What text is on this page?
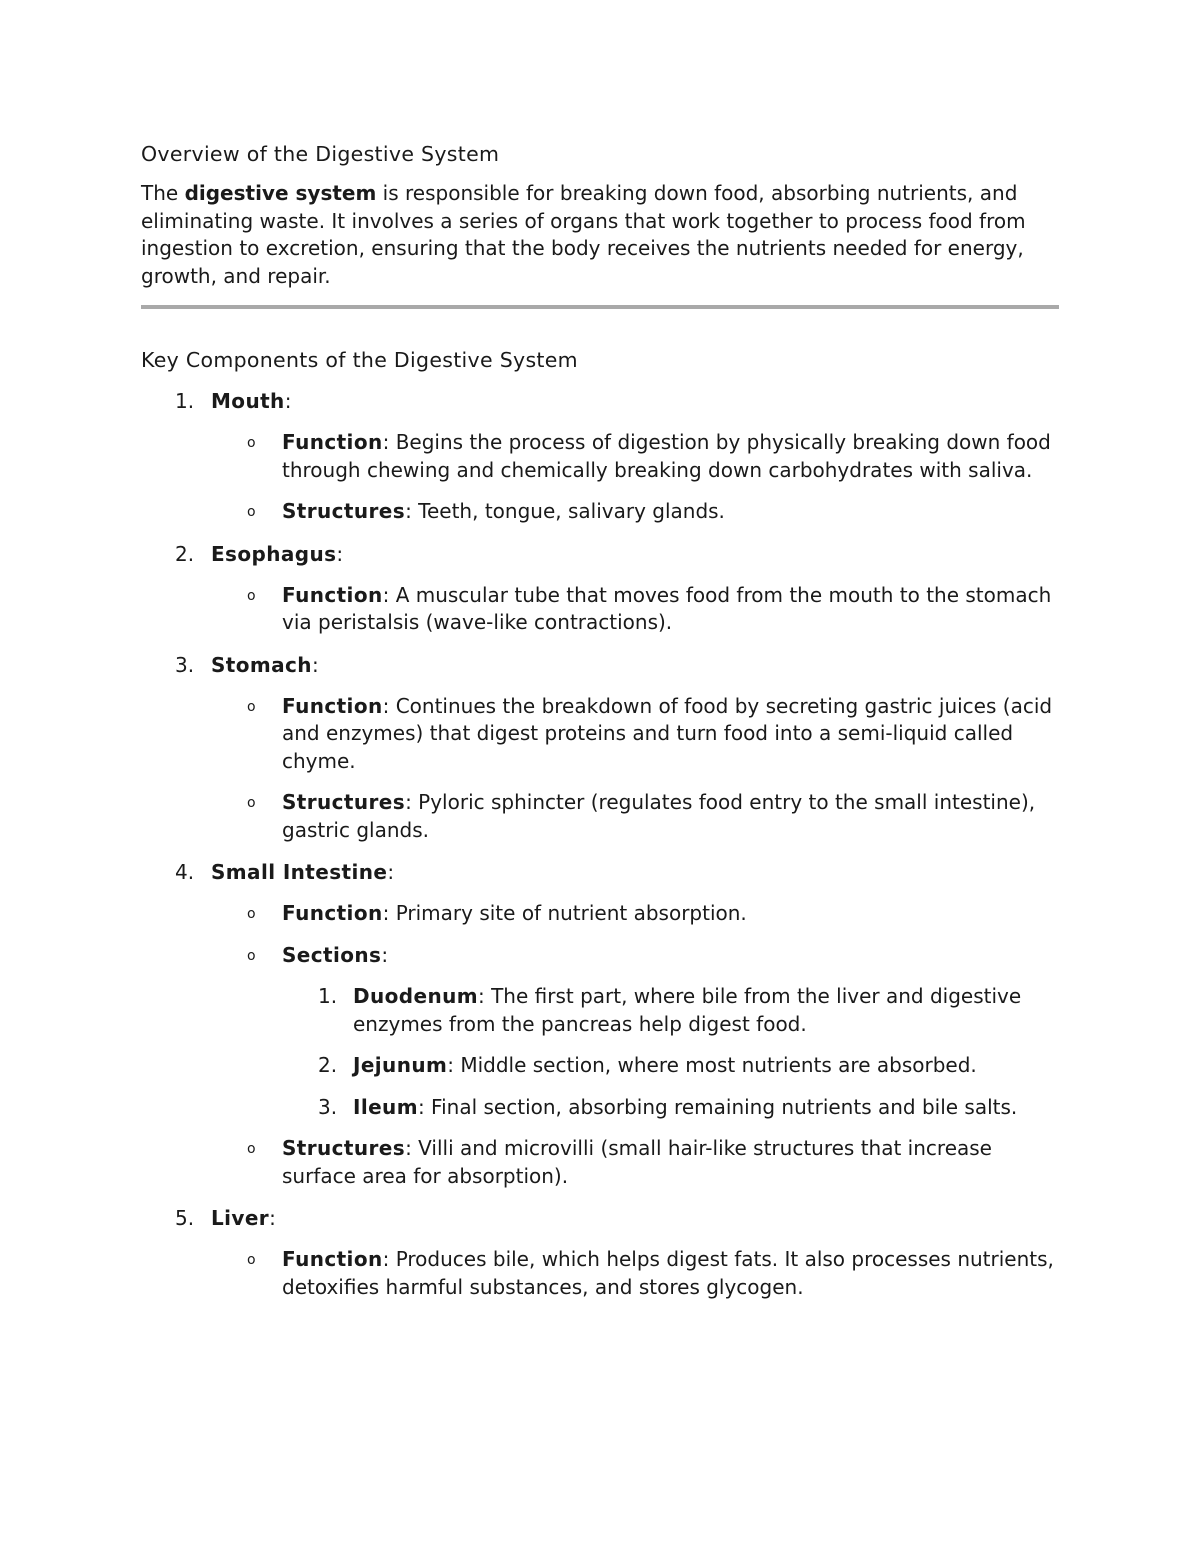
Overview of the Digestive System

The digestive system is responsible for breaking down food, absorbing nutrients, and eliminating waste. It involves a series of organs that work together to process food from ingestion to excretion, ensuring that the body receives the nutrients needed for energy, growth, and repair.

Key Components of the Digestive System
1. Mouth:
o Function: Begins the process of digestion by physically breaking down food through chewing and chemically breaking down carbohydrates with saliva.
o Structures: Teeth, tongue, salivary glands.
2. Esophagus:
o Function: A muscular tube that moves food from the mouth to the stomach via peristalsis (wave-like contractions).
3. Stomach:
o Function: Continues the breakdown of food by secreting gastric juices (acid and enzymes) that digest proteins and turn food into a semi-liquid called chyme.
o Structures: Pyloric sphincter (regulates food entry to the small intestine), gastric glands.
4. Small Intestine:
o Function: Primary site of nutrient absorption.
o Sections:
1. Duodenum: The first part, where bile from the liver and digestive enzymes from the pancreas help digest food.
2. Jejunum: Middle section, where most nutrients are absorbed.
3. Ileum: Final section, absorbing remaining nutrients and bile salts.
o Structures: Villi and microvilli (small hair-like structures that increase surface area for absorption).
5. Liver:
o Function: Produces bile, which helps digest fats. It also processes nutrients, detoxifies harmful substances, and stores glycogen.
